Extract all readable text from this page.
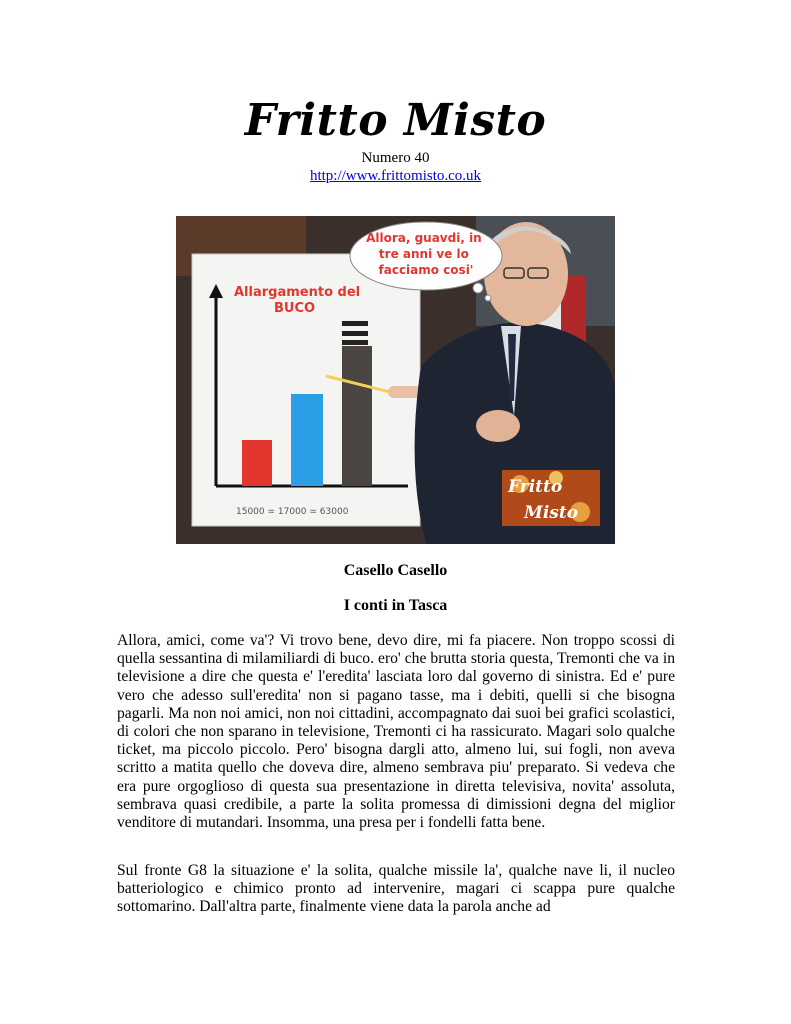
Fritto Misto
Numero 40
http://www.frittomisto.co.uk
Allargamento del BUCO
15000 = 17000 = 63000
Allora, guavdi, in tre anni ve lo facciamo cosi'
Fritto Misto
Casello Casello
I conti in Tasca

Allora, amici, come va'? Vi trovo bene, devo dire, mi fa piacere. Non troppo scossi di quella sessantina di milamiliardi di buco. ero' che brutta storia questa, Tremonti che va in televisione a dire che questa e' l'eredita' lasciata loro dal governo di sinistra. Ed e' pure vero che adesso sull'eredita' non si pagano tasse, ma i debiti, quelli si che bisogna pagarli. Ma non noi amici, non noi cittadini, accompagnato dai suoi bei grafici scolastici, di colori che non sparano in televisione, Tremonti ci ha rassicurato. Magari solo qualche ticket, ma piccolo piccolo. Pero' bisogna dargli atto, almeno lui, sui fogli, non aveva scritto a matita quello che doveva dire, almeno sembrava piu' preparato. Si vedeva che era pure orgoglioso di questa sua presentazione in diretta televisiva, novita' assoluta, sembrava quasi credibile, a parte la solita promessa di dimissioni degna del miglior venditore di mutandari. Insomma, una presa per i fondelli fatta bene.

Sul fronte G8 la situazione e' la solita, qualche missile la', qualche nave li, il nucleo batteriologico e chimico pronto ad intervenire, magari ci scappa pure qualche sottomarino. Dall'altra parte, finalmente viene data la parola anche ad
